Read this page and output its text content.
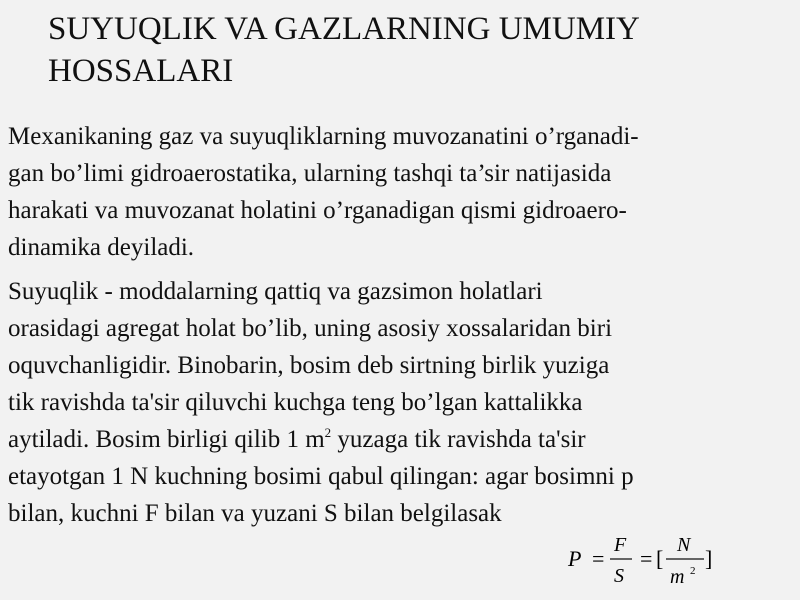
SUYUQLIK VA GAZLARNING UMUMIY
HOSSALARI
Mexanikaning gaz va suyuqliklarning muvozanatini o’rganadi-
gan bo’limi gidroaerostatika, ularning tashqi ta’sir natijasida
harakati va muvozanat holatini o’rganadigan qismi gidroaero-
dinamika deyiladi.
Suyuqlik - moddalarning qattiq va gazsimon holatlari
orasidagi agregat holat bo’lib, uning asosiy xossalaridan biri
oquvchanligidir. Binobarin, bosim deb sirtning birlik yuziga
tik ravishda ta'sir qiluvchi kuchga teng bo’lgan kattalikka
aytiladi. Bosim birligi qilib 1 $m^2$ yuzaga tik ravishda ta'sir
etayotgan 1 N kuchning bosimi qabul qilingan: agar bosimni p
bilan, kuchni F bilan va yuzani S bilan belgilasak
P =
F
S
= [
N
m 2 ]
